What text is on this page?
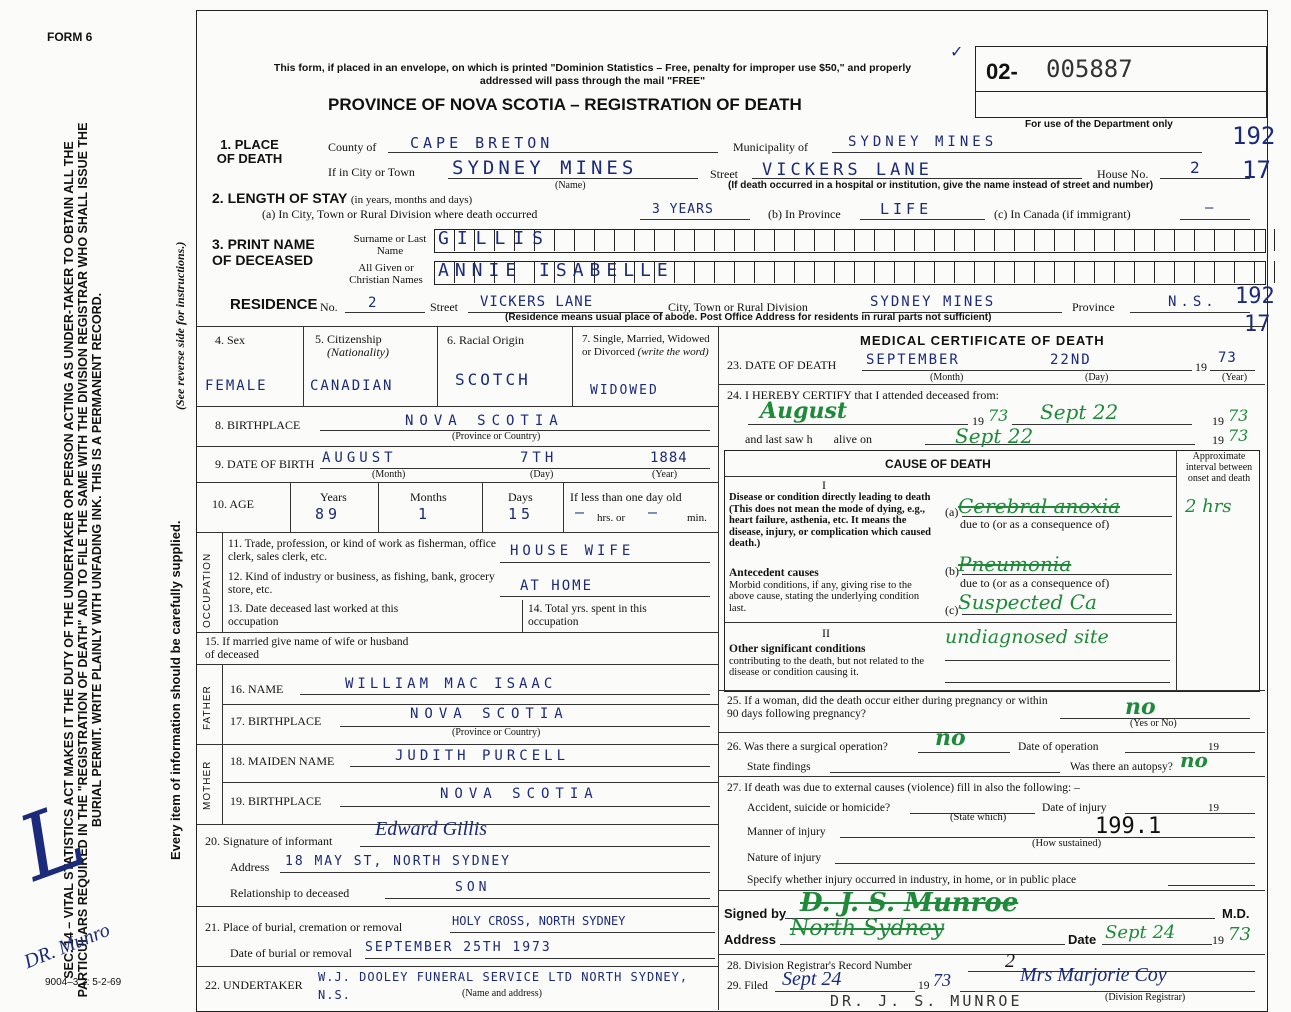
FORM 6
This form, if placed in an envelope, on which is printed "Dominion Statistics – Free, penalty for improper use $50," and properly addressed will pass through the mail "FREE"
PROVINCE OF NOVA SCOTIA – REGISTRATION OF DEATH
✓
02- 005887
For use of the Department only
SEC. 14 – VITAL STATISTICS ACT MAKES IT THE DUTY OF THE UNDERTAKER OR PERSON ACTING AS UNDER-TAKER TO OBTAIN ALL THE PARTICULARS REQUIRED IN THE "REGISTRATION OF DEATH" AND TO FILE THE SAME WITH THE DIVISION REGISTRAR WHO SHALL ISSUE THE BURIAL PERMIT. WRITE PLAINLY WITH UNFADING INK. THIS IS A PERMANENT RECORD.	Every item of information should be carefully supplied.
(See reverse side for instructions.)
L
DR. Munro
9004–3.2: 5-2-69
1. PLACE OF DEATH
County of CAPE BRETON	Municipality of	SYDNEY MINES	192
If in City or Town SYDNEY MINES
(Name)
Street VICKERS LANE	House No.	2 17
(If death occurred in a hospital or institution, give the name instead of street and number)
2. LENGTH OF STAY (in years, months and days)
(a) In City, Town or Rural Division where death occurred	3 YEARS	(b) In Province	LIFE	(c) In Canada (if immigrant)	—
3. PRINT NAME OF DECEASED
Surname or Last Name
GILLIS
All Given or Christian Names ANNIE ISABELLE
RESIDENCE No. 2	Street VICKERS LANE	City, Town or Rural Division	SYDNEY MINES	Province	N.S. 192
(Residence means usual place of abode. Post Office Address for residents in rural parts not sufficient)	17
4. Sex	5. Citizenship
(Nationality)
6. Racial Origin	7. Single, Married, Widowed or Divorced (write the word)
FEMALE	CANADIAN	SCOTCH
WIDOWED
8. BIRTHPLACE	NOVA SCOTIA
(Province or Country)
9. DATE OF BIRTH AUGUST	7TH	1884
(Month)	(Day)	(Year)
10. AGE	Years	Months	Days	If less than one day old
89	1	15	— hrs. or — min.
OCCUPATION
11. Trade, profession, or kind of work as fisherman, office clerk, sales clerk, etc.	HOUSE WIFE
12. Kind of industry or business, as fishing, bank, grocery store, etc.	AT HOME
13. Date deceased last worked at this occupation
14. Total yrs. spent in this occupation
15. If married give name of wife or husband of deceased
FATHER 16. NAME	WILLIAM MAC ISAAC
17. BIRTHPLACE	NOVA SCOTIA
(Province or Country)
MOTHER 18. MAIDEN NAME	JUDITH PURCELL
19. BIRTHPLACE	NOVA SCOTIA
20. Signature of informant
Edward Gillis
Address 18 MAY ST, NORTH SYDNEY
Relationship to deceased	SON
21. Place of burial, cremation or removal	HOLY CROSS, NORTH SYDNEY
Date of burial or removal SEPTEMBER 25TH 1973
22. UNDERTAKER
W.J. DOOLEY FUNERAL SERVICE LTD NORTH SYDNEY, N.S.	(Name and address)
MEDICAL CERTIFICATE OF DEATH
23. DATE OF DEATH SEPTEMBER	22ND	19
73
(Month)	(Day)	(Year)
24. I HEREBY CERTIFY that I attended deceased from:
August	19 73 Sept 22	19 73
and last saw h alive on	Sept 22	19 73
CAUSE OF DEATH
Approximate interval between onset and death
I
Disease or condition directly leading to death (This does not mean the mode of dying, e.g., heart failure, asthenia, etc. It means the disease, injury, or complication which caused death.)
(a) Cerebral anoxia	2 hrs
due to (or as a consequence of)
Antecedent causes
Morbid conditions, if any, giving rise to the above cause, stating the underlying condition last.
(b) Pneumonia
due to (or as a consequence of)
(c) Suspected Ca
II
Other significant conditions
contributing to the death, but not related to the disease or condition causing it.
undiagnosed site
25. If a woman, did the death occur either during pregnancy or within 90 days following pregnancy?	no
(Yes or No)
26. Was there a surgical operation? no	Date of operation	19
State findings	Was there an autopsy? no
27. If death was due to external causes (violence) fill in also the following: –
Accident, suicide or homicide?	Date of injury	19
(State which)
Manner of injury	199.1
(How sustained)
Nature of injury
Specify whether injury occurred in industry, in home, or in public place
Signed by D. J. S. Munroe	M.D.
Address North Sydney	Date Sept 24	19 73
28. Division Registrar's Record Number	2
29. Filed Sept 24	19 73	Mrs Marjorie Coy
(Division Registrar)
DR. J. S. MUNROE
